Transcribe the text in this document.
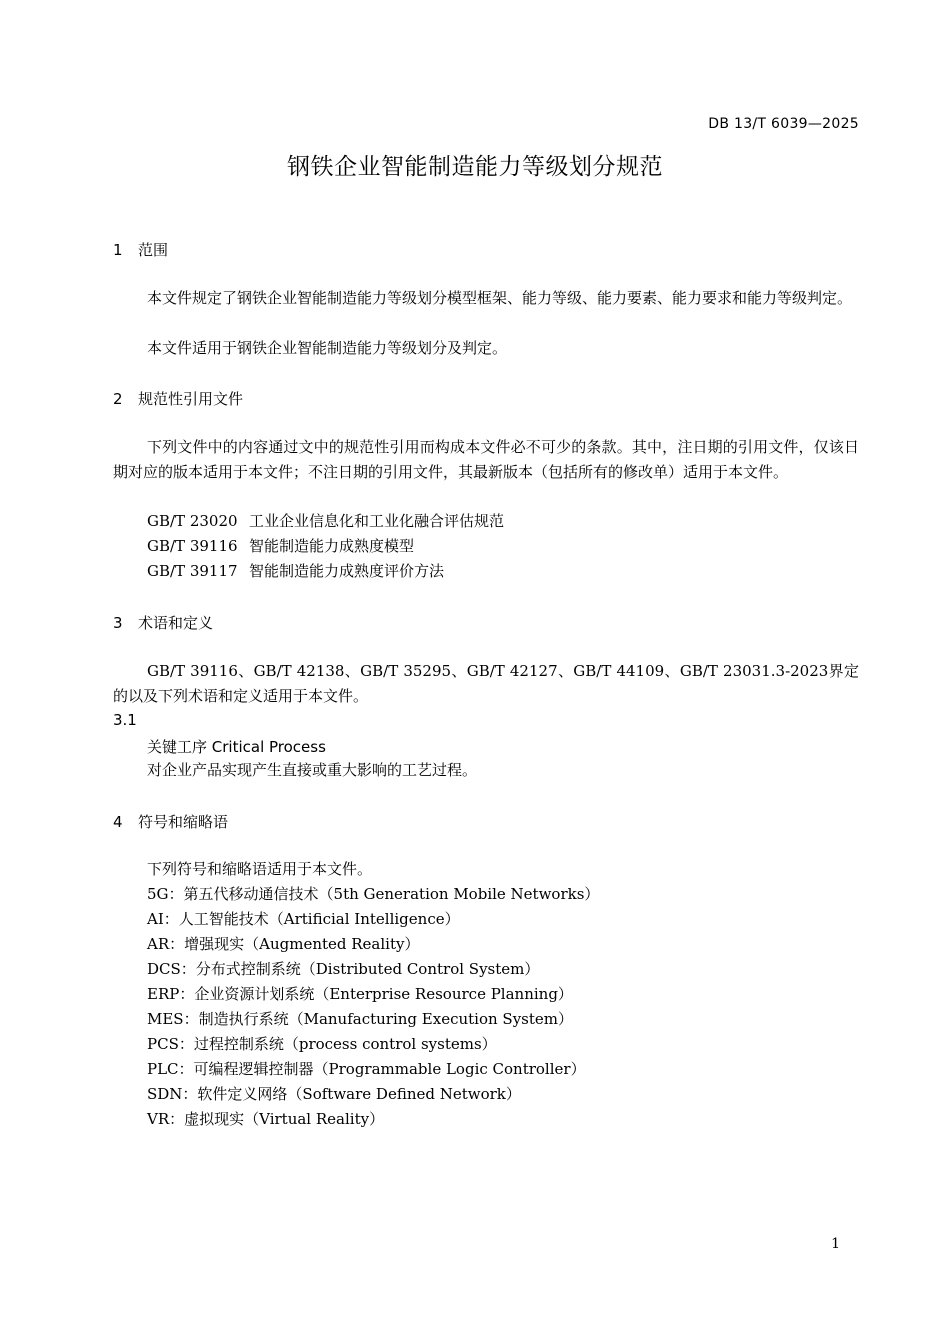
DB 13/T 6039—2025
钢铁企业智能制造能力等级划分规范
1 范围
本文件规定了钢铁企业智能制造能力等级划分模型框架、能力等级、能力要素、能力要求和能力等级判定。
本文件适用于钢铁企业智能制造能力等级划分及判定。
2 规范性引用文件
下列文件中的内容通过文中的规范性引用而构成本文件必不可少的条款。其中，注日期的引用文件，仅该日期对应的版本适用于本文件；不注日期的引用文件，其最新版本（包括所有的修改单）适用于本文件。
GB/T 23020 工业企业信息化和工业化融合评估规范
GB/T 39116 智能制造能力成熟度模型
GB/T 39117 智能制造能力成熟度评价方法
3 术语和定义
GB/T 39116、GB/T 42138、GB/T 35295、GB/T 42127、GB/T 44109、GB/T 23031.3-2023界定的以及下列术语和定义适用于本文件。
3.1
关键工序 Critical Process
对企业产品实现产生直接或重大影响的工艺过程。
4 符号和缩略语
下列符号和缩略语适用于本文件。
5G：第五代移动通信技术（5th Generation Mobile Networks）
AI：人工智能技术（Artificial Intelligence）
AR：增强现实（Augmented Reality）
DCS：分布式控制系统（Distributed Control System）
ERP：企业资源计划系统（Enterprise Resource Planning）
MES：制造执行系统（Manufacturing Execution System）
PCS：过程控制系统（process control systems）
PLC：可编程逻辑控制器（Programmable Logic Controller）
SDN：软件定义网络（Software Defined Network）
VR：虚拟现实（Virtual Reality）
1
